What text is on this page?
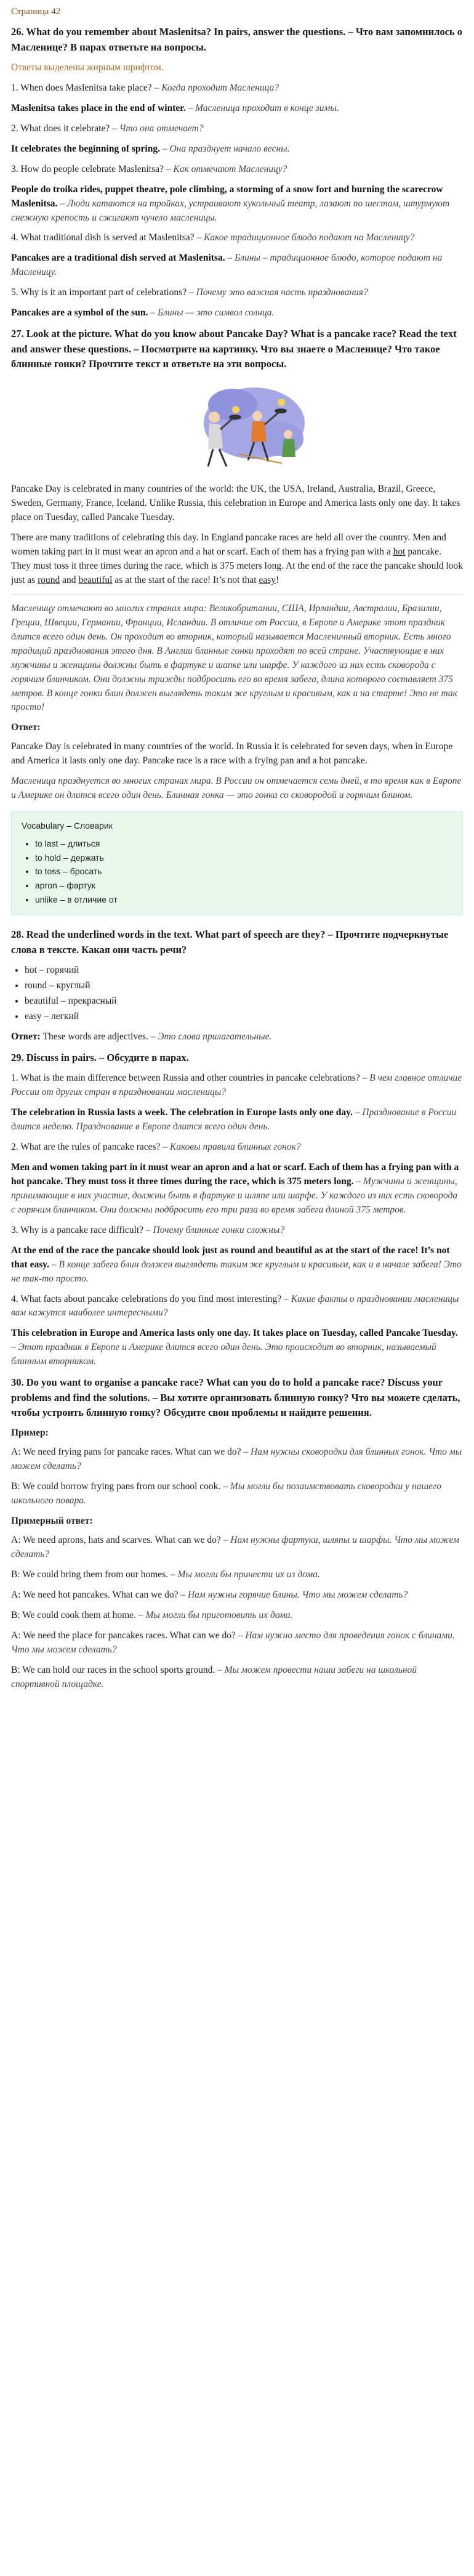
Страница 42

26. What do you remember about Maslenitsa? In pairs, answer the questions. – Что вам запомнилось о Масленице? В парах ответьте на вопросы.

Ответы выделены жирным шрифтом.

1. When does Maslenitsa take place? – Когда проходит Масленица?

Maslenitsa takes place in the end of winter. – Масленица проходит в конце зимы.

2. What does it celebrate? – Что она отмечает?

It celebrates the beginning of spring. – Она празднует начало весны.

3. How do people celebrate Maslenitsa? – Как отмечают Масленицу?

People do troika rides, puppet theatre, pole climbing, a storming of a snow fort and burning the scarecrow Maslenitsa. – Люди катаются на тройках, устраивают кукольный театр, лазают по шестам, штурмуют снежную крепость и сжигают чучело масленицы.

4. What traditional dish is served at Maslenitsa? – Какое традиционное блюдо подают на Масленицу?

Pancakes are a traditional dish served at Maslenitsa. – Блины – традиционное блюдо, которое подают на Масленицу.

5. Why is it an important part of celebrations? – Почему это важная часть празднования?

Pancakes are a symbol of the sun. – Блины — это символ солнца.

27. Look at the picture. What do you know about Pancake Day? What is a pancake race? Read the text and answer these questions. – Посмотрите на картинку. Что вы знаете о Масленице? Что такое блинные гонки? Прочтите текст и ответьте на эти вопросы.

Pancake Day is celebrated in many countries of the world: the UK, the USA, Ireland, Australia, Brazil, Greece, Sweden, Germany, France, Iceland. Unlike Russia, this celebration in Europe and America lasts only one day. It takes place on Tuesday, called Pancake Tuesday.

There are many traditions of celebrating this day. In England pancake races are held all over the country. Men and women taking part in it must wear an apron and a hat or scarf. Each of them has a frying pan with a hot pancake. They must toss it three times during the race, which is 375 meters long. At the end of the race the pancake should look just as round and beautiful as at the start of the race! It’s not that easy!

Масленицу отмечают во многих странах мира: Великобритании, США, Ирландии, Австралии, Бразилии, Греции, Швеции, Германии, Франции, Исландии. В отличие от России, в Европе и Америке этот праздник длится всего один день. Он проходит во вторник, который называется Масленичный вторник. Есть много традиций празднования этого дня. В Англии блинные гонки проходят по всей стране. Участвующие в них мужчины и женщины должны быть в фартуке и шапке или шарфе. У каждого из них есть сковорода с горячим блинчиком. Они должны трижды подбросить его во время забега, длина которого составляет 375 метров. В конце гонки блин должен выглядеть таким же круглым и красивым, как и на старте! Это не так просто!

Ответ:

Pancake Day is celebrated in many countries of the world. In Russia it is celebrated for seven days, when in Europe and America it lasts only one day. Pancake race is a race with a frying pan and a hot pancake.

Масленица празднуется во многих странах мира. В России он отмечается семь дней, в то время как в Европе и Америке он длится всего один день. Блинная гонка — это гонка со сковородой и горячим блином.

Vocabulary – Словарик

• to last – длиться
• to hold – держать
• to toss – бросать
• apron – фартук
• unlike – в отличие от

28. Read the underlined words in the text. What part of speech are they? – Прочтите подчеркнутые слова в тексте. Какая они часть речи?

• hot – горячий
• round – круглый
• beautiful – прекрасный
• easy – легкий

Ответ: These words are adjectives. – Это слова прилагательные.

29. Discuss in pairs. – Обсудите в парах.

1. What is the main difference between Russia and other countries in pancake celebrations? – В чем главное отличие России от других стран в праздновании масленицы?

The celebration in Russia lasts a week. The celebration in Europe lasts only one day. – Празднование в России длится неделю. Празднование в Европе длится всего один день.

2. What are the rules of pancake races? – Каковы правила блинных гонок?

Men and women taking part in it must wear an apron and a hat or scarf. Each of them has a frying pan with a hot pancake. They must toss it three times during the race, which is 375 meters long. – Мужчины и женщины, принимающие в них участие, должны быть в фартуке и шляпе или шарфе. У каждого из них есть сковорода с горячим блинчиком. Они должны подбросить его три раза во время забега длиной 375 метров.

3. Why is a pancake race difficult? – Почему блинные гонки сложны?

At the end of the race the pancake should look just as round and beautiful as at the start of the race! It’s not that easy. – В конце забега блин должен выглядеть таким же круглым и красивым, как и в начале забега! Это не так-то просто.

4. What facts about pancake celebrations do you find most interesting? – Какие факты о праздновании масленицы вам кажутся наиболее интересными?

This celebration in Europe and America lasts only one day. It takes place on Tuesday, called Pancake Tuesday. – Этот праздник в Европе и Америке длится всего один день. Это происходит во вторник, называемый блинным вторником.

30. Do you want to organise a pancake race? What can you do to hold a pancake race? Discuss your problems and find the solutions. – Вы хотите организовать блинную гонку? Что вы можете сделать, чтобы устроить блинную гонку? Обсудите свои проблемы и найдите решения.

Пример:

A: We need frying pans for pancake races. What can we do? – Нам нужны сковородки для блинных гонок. Что мы можем сделать?

B: We could borrow frying pans from our school cook. – Мы могли бы позаимствовать сковородки у нашего школьного повара.

Примерный ответ:

A: We need aprons, hats and scarves. What can we do? – Нам нужны фартуки, шляпы и шарфы. Что мы можем сделать?

B: We could bring them from our homes. – Мы могли бы принести их из дома.

A: We need hot pancakes. What can we do? – Нам нужны горячие блины. Что мы можем сделать?

B: We could cook them at home. – Мы могли бы приготовить их дома.

A: We need the place for pancakes races. What can we do? – Нам нужно место для проведения гонок с блинами. Что мы можем сделать?

B: We can hold our races in the school sports ground. – Мы можем провести наши забеги на школьной спортивной площадке.
